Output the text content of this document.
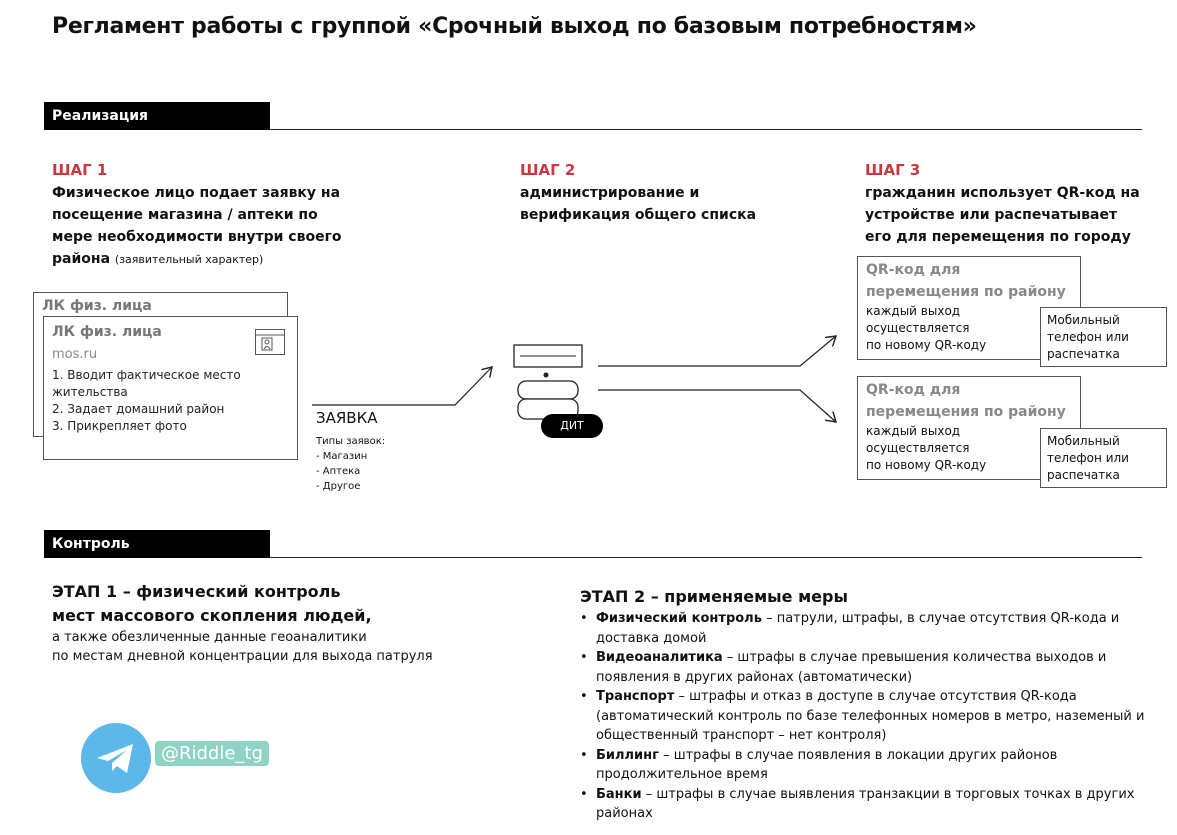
Регламент работы с группой «Срочный выход по базовым потребностям»
Реализация
ШАГ 1
Физическое лицо подает заявку на
посещение магазина / аптеки по
мере необходимости внутри своего
района (заявительный характер)
ШАГ 2
администрирование и
верификация общего списка
ШАГ 3
гражданин использует QR-код на
устройстве или распечатывает
его для перемещения по городу
ЛК физ. лица
ЛК физ. лица
mos.ru
1. Вводит фактическое место
жительства
2. Задает домашний район
3. Прикрепляет фото	ЗАЯВКА
Типы заявок:
- Магазин
- Аптека
- Другое
ДИТ
QR-код для
перемещения по району
каждый выход
осуществляется
по новому QR-коду
Мобильный
телефон или
распечатка
QR-код для
перемещения по району
каждый выход
осуществляется
по новому QR-коду
Мобильный
телефон или
распечатка
Контроль
ЭТАП 1 – физический контроль
мест массового скопления людей,
а также обезличенные данные геоаналитики
по местам дневной концентрации для выхода патруля
ЭТАП 2 – применяемые меры
• Физический контроль – патрули, штрафы, в случае отсутствия QR-кода и доставка домой
• Видеоаналитика – штрафы в случае превышения количества выходов и появления в других районах (автоматически)
• Транспорт – штрафы и отказ в доступе в случае отсутствия QR-кода (автоматический контроль по базе телефонных номеров в метро, наземеный и общественный транспорт – нет контроля)
• Биллинг – штрафы в случае появления в локации других районов продолжительное время
• Банки – штрафы в случае выявления транзакции в торговых точках в других районах
@Riddle_tg
